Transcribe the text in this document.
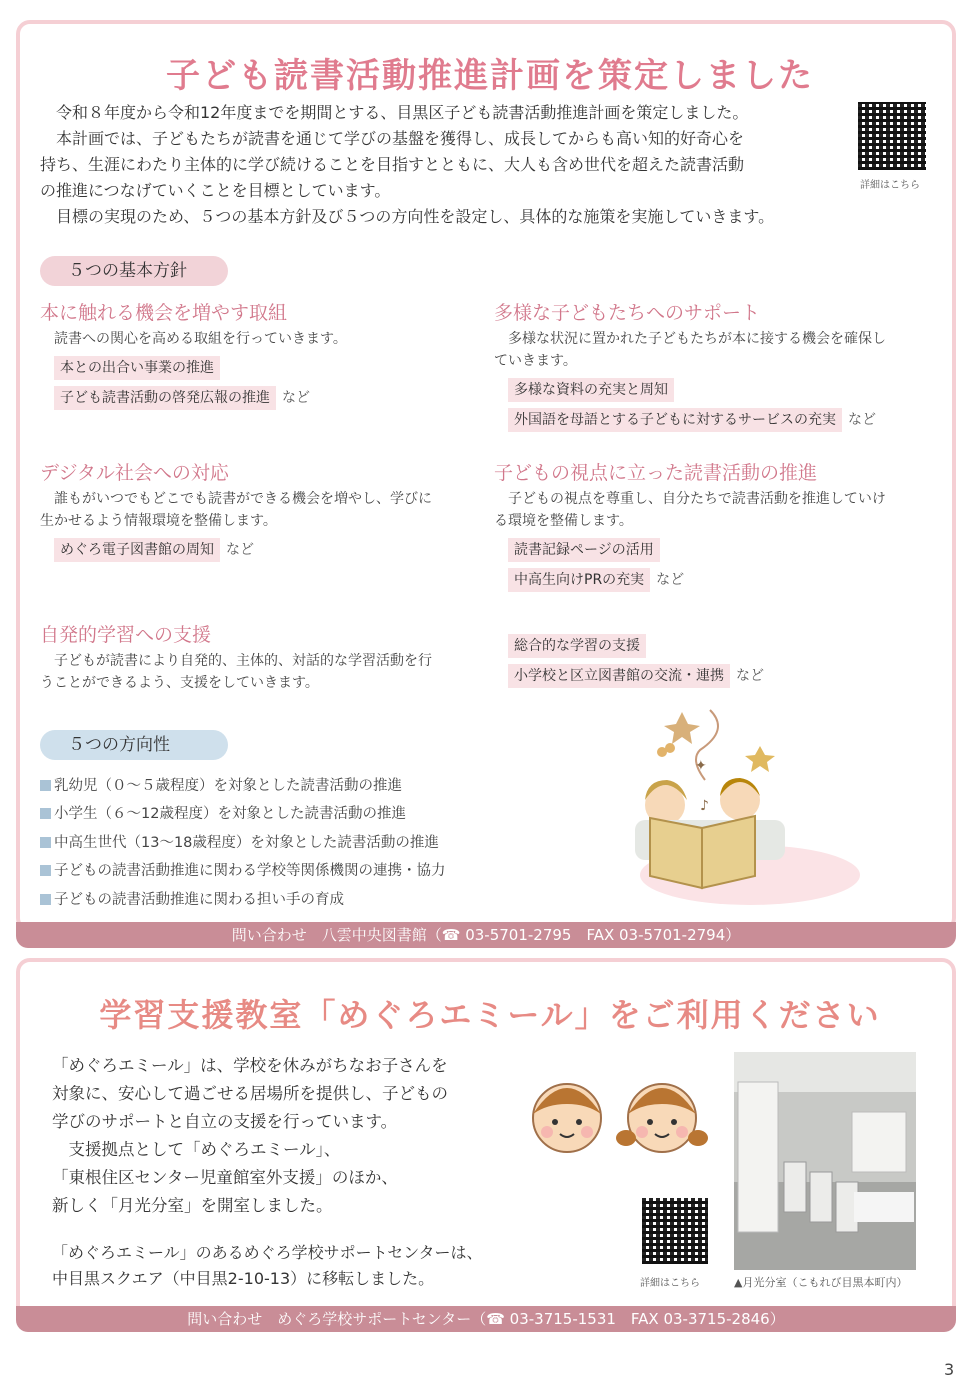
子ども読書活動推進計画を策定しました
　令和８年度から令和12年度までを期間とする、目黒区子ども読書活動推進計画を策定しました。
　本計画では、子どもたちが読書を通じて学びの基盤を獲得し、成長してからも高い知的好奇心を
持ち、生涯にわたり主体的に学び続けることを目指すとともに、大人も含め世代を超えた読書活動
の推進につなげていくことを目標としています。
　目標の実現のため、５つの基本方針及び５つの方向性を設定し、具体的な施策を実施していきます。
詳細はこちら
５つの基本方針
本に触れる機会を増やす取組
　読書への関心を高める取組を行っていきます。
本との出合い事業の推進
子ども読書活動の啓発広報の推進 など
多様な子どもたちへのサポート
　多様な状況に置かれた子どもたちが本に接する機会を確保し
ていきます。
多様な資料の充実と周知
外国語を母語とする子どもに対するサービスの充実 など
デジタル社会への対応
　誰もがいつでもどこでも読書ができる機会を増やし、学びに
生かせるよう情報環境を整備します。
めぐろ電子図書館の周知 など
子どもの視点に立った読書活動の推進
　子どもの視点を尊重し、自分たちで読書活動を推進していけ
る環境を整備します。
読書記録ページの活用
中高生向けPRの充実 など
自発的学習への支援
　子どもが読書により自発的、主体的、対話的な学習活動を行
うことができるよう、支援をしていきます。
総合的な学習の支援
小学校と区立図書館の交流・連携 など
５つの方向性
乳幼児（０～５歳程度）を対象とした読書活動の推進
小学生（６～12歳程度）を対象とした読書活動の推進
中高生世代（13～18歳程度）を対象とした読書活動の推進
子どもの読書活動推進に関わる学校等関係機関の連携・協力
子どもの読書活動推進に関わる担い手の育成
✦
♪
問い合わせ　八雲中央図書館（☎ 03-5701-2795　FAX 03-5701-2794）
学習支援教室「めぐろエミール」をご利用ください
「めぐろエミール」は、学校を休みがちなお子さんを
対象に、安心して過ごせる居場所を提供し、子どもの
学びのサポートと自立の支援を行っています。
　支援拠点として「めぐろエミール」、
「東根住区センター児童館室外支援」のほか、
新しく「月光分室」を開室しました。
「めぐろエミール」のあるめぐろ学校サポートセンターは、
中目黒スクエア（中目黒2-10-13）に移転しました。	詳細はこちら	▲月光分室（こもれび目黒本町内）
問い合わせ　めぐろ学校サポートセンター（☎ 03-3715-1531　FAX 03-3715-2846）
3
